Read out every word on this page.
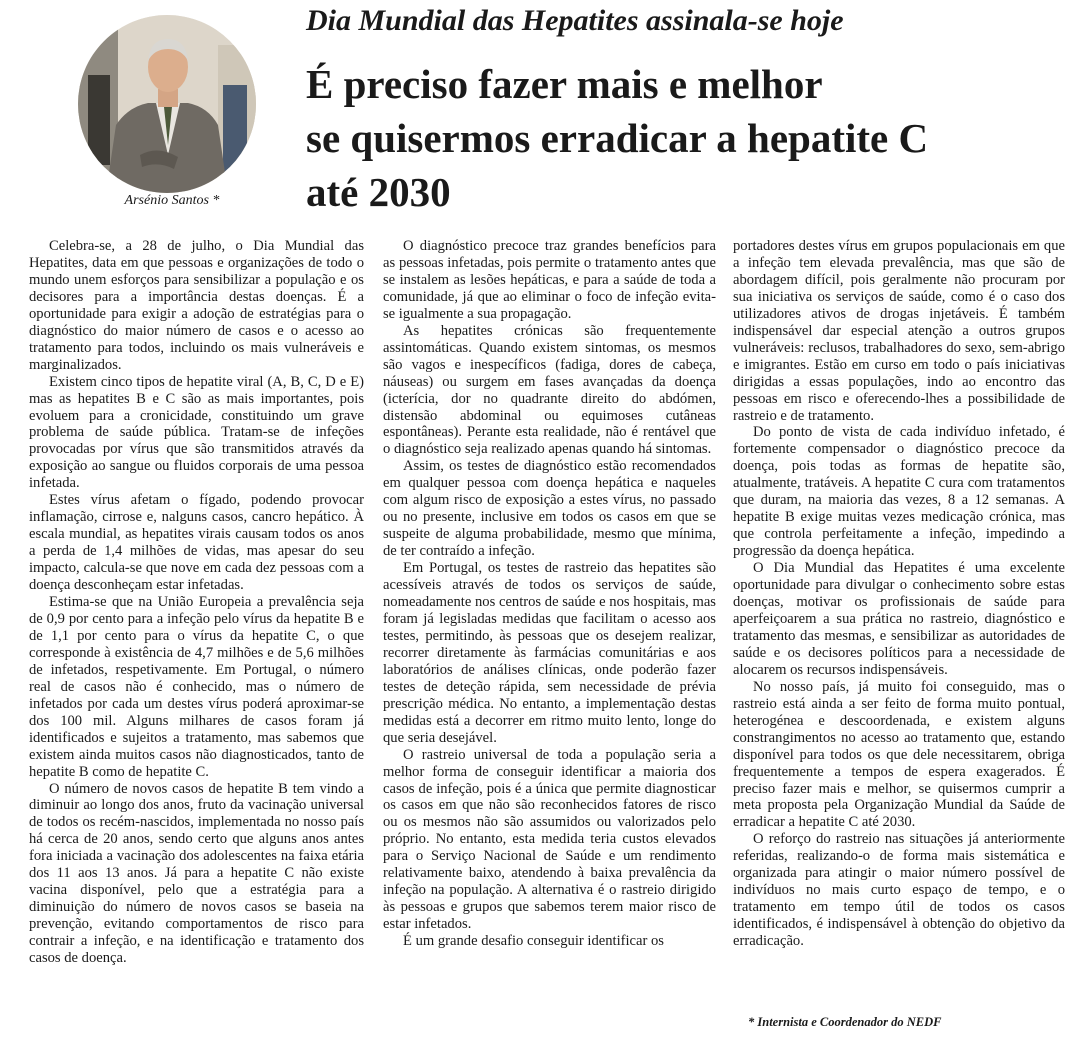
Arsénio Santos *
Dia Mundial das Hepatites assinala-se hoje
É preciso fazer mais e melhor
se quisermos erradicar a hepatite C
até 2030

Celebra-se, a 28 de julho, o Dia Mundial das Hepatites, data em que pessoas e organizações de todo o mundo unem esforços para sensibilizar a população e os decisores para a importância destas doenças. É a oportunidade para exigir a adoção de estratégias para o diagnóstico do maior número de casos e o acesso ao tratamento para todos, incluindo os mais vulneráveis e marginalizados.

Existem cinco tipos de hepatite viral (A, B, C, D e E) mas as hepatites B e C são as mais importantes, pois evoluem para a cronicidade, constituindo um grave problema de saúde pública. Tratam-se de infeções provocadas por vírus que são transmitidos através da exposição ao sangue ou fluidos corporais de uma pessoa infetada.

Estes vírus afetam o fígado, podendo provocar inflamação, cirrose e, nalguns casos, cancro hepático. À escala mundial, as hepatites virais causam todos os anos a perda de 1,4 milhões de vidas, mas apesar do seu impacto, calcula-se que nove em cada dez pessoas com a doença desconheçam estar infetadas.

Estima-se que na União Europeia a prevalência seja de 0,9 por cento para a infeção pelo vírus da hepatite B e de 1,1 por cento para o vírus da hepatite C, o que corresponde à existência de 4,7 milhões e de 5,6 milhões de infetados, respetivamente. Em Portugal, o número real de casos não é conhecido, mas o número de infetados por cada um destes vírus poderá aproximar-se dos 100 mil. Alguns milhares de casos foram já identificados e sujeitos a tratamento, mas sabemos que existem ainda muitos casos não diagnosticados, tanto de hepatite B como de hepatite C.

O número de novos casos de hepatite B tem vindo a diminuir ao longo dos anos, fruto da vacinação universal de todos os recém-nascidos, implementada no nosso país há cerca de 20 anos, sendo certo que alguns anos antes fora iniciada a vacinação dos adolescentes na faixa etária dos 11 aos 13 anos. Já para a hepatite C não existe vacina disponível, pelo que a estratégia para a diminuição do número de novos casos se baseia na prevenção, evitando comportamentos de risco para contrair a infeção, e na identificação e tratamento dos casos de doença.

O diagnóstico precoce traz grandes benefícios para as pessoas infetadas, pois permite o tratamento antes que se instalem as lesões hepáticas, e para a saúde de toda a comunidade, já que ao eliminar o foco de infeção evita-se igualmente a sua propagação.

As hepatites crónicas são frequentemente assintomáticas. Quando existem sintomas, os mesmos são vagos e inespecíficos (fadiga, dores de cabeça, náuseas) ou surgem em fases avançadas da doença (icterícia, dor no quadrante direito do abdómen, distensão abdominal ou equimoses cutâneas espontâneas). Perante esta realidade, não é rentável que o diagnóstico seja realizado apenas quando há sintomas.

Assim, os testes de diagnóstico estão recomendados em qualquer pessoa com doença hepática e naqueles com algum risco de exposição a estes vírus, no passado ou no presente, inclusive em todos os casos em que se suspeite de alguma probabilidade, mesmo que mínima, de ter contraído a infeção.

Em Portugal, os testes de rastreio das hepatites são acessíveis através de todos os serviços de saúde, nomeadamente nos centros de saúde e nos hospitais, mas foram já legisladas medidas que facilitam o acesso aos testes, permitindo, às pessoas que os desejem realizar, recorrer diretamente às farmácias comunitárias e aos laboratórios de análises clínicas, onde poderão fazer testes de deteção rápida, sem necessidade de prévia prescrição médica. No entanto, a implementação destas medidas está a decorrer em ritmo muito lento, longe do que seria desejável.

O rastreio universal de toda a população seria a melhor forma de conseguir identificar a maioria dos casos de infeção, pois é a única que permite diagnosticar os casos em que não são reconhecidos fatores de risco ou os mesmos não são assumidos ou valorizados pelo próprio. No entanto, esta medida teria custos elevados para o Serviço Nacional de Saúde e um rendimento relativamente baixo, atendendo à baixa prevalência da infeção na população. A alternativa é o rastreio dirigido às pessoas e grupos que sabemos terem maior risco de estar infetados.

É um grande desafio conseguir identificar os

portadores destes vírus em grupos populacionais em que a infeção tem elevada prevalência, mas que são de abordagem difícil, pois geralmente não procuram por sua iniciativa os serviços de saúde, como é o caso dos utilizadores ativos de drogas injetáveis. É também indispensável dar especial atenção a outros grupos vulneráveis: reclusos, trabalhadores do sexo, sem-abrigo e imigrantes. Estão em curso em todo o país iniciativas dirigidas a essas populações, indo ao encontro das pessoas em risco e oferecendo-lhes a possibilidade de rastreio e de tratamento.

Do ponto de vista de cada indivíduo infetado, é fortemente compensador o diagnóstico precoce da doença, pois todas as formas de hepatite são, atualmente, tratáveis. A hepatite C cura com tratamentos que duram, na maioria das vezes, 8 a 12 semanas. A hepatite B exige muitas vezes medicação crónica, mas que controla perfeitamente a infeção, impedindo a progressão da doença hepática.

O Dia Mundial das Hepatites é uma excelente oportunidade para divulgar o conhecimento sobre estas doenças, motivar os profissionais de saúde para aperfeiçoarem a sua prática no rastreio, diagnóstico e tratamento das mesmas, e sensibilizar as autoridades de saúde e os decisores políticos para a necessidade de alocarem os recursos indispensáveis.

No nosso país, já muito foi conseguido, mas o rastreio está ainda a ser feito de forma muito pontual, heterogénea e descoordenada, e existem alguns constrangimentos no acesso ao tratamento que, estando disponível para todos os que dele necessitarem, obriga frequentemente a tempos de espera exagerados. É preciso fazer mais e melhor, se quisermos cumprir a meta proposta pela Organização Mundial da Saúde de erradicar a hepatite C até 2030.

O reforço do rastreio nas situações já anteriormente referidas, realizando-o de forma mais sistemática e organizada para atingir o maior número possível de indivíduos no mais curto espaço de tempo, e o tratamento em tempo útil de todos os casos identificados, é indispensável à obtenção do objetivo da erradicação.

* Internista e Coordenador do NEDF
